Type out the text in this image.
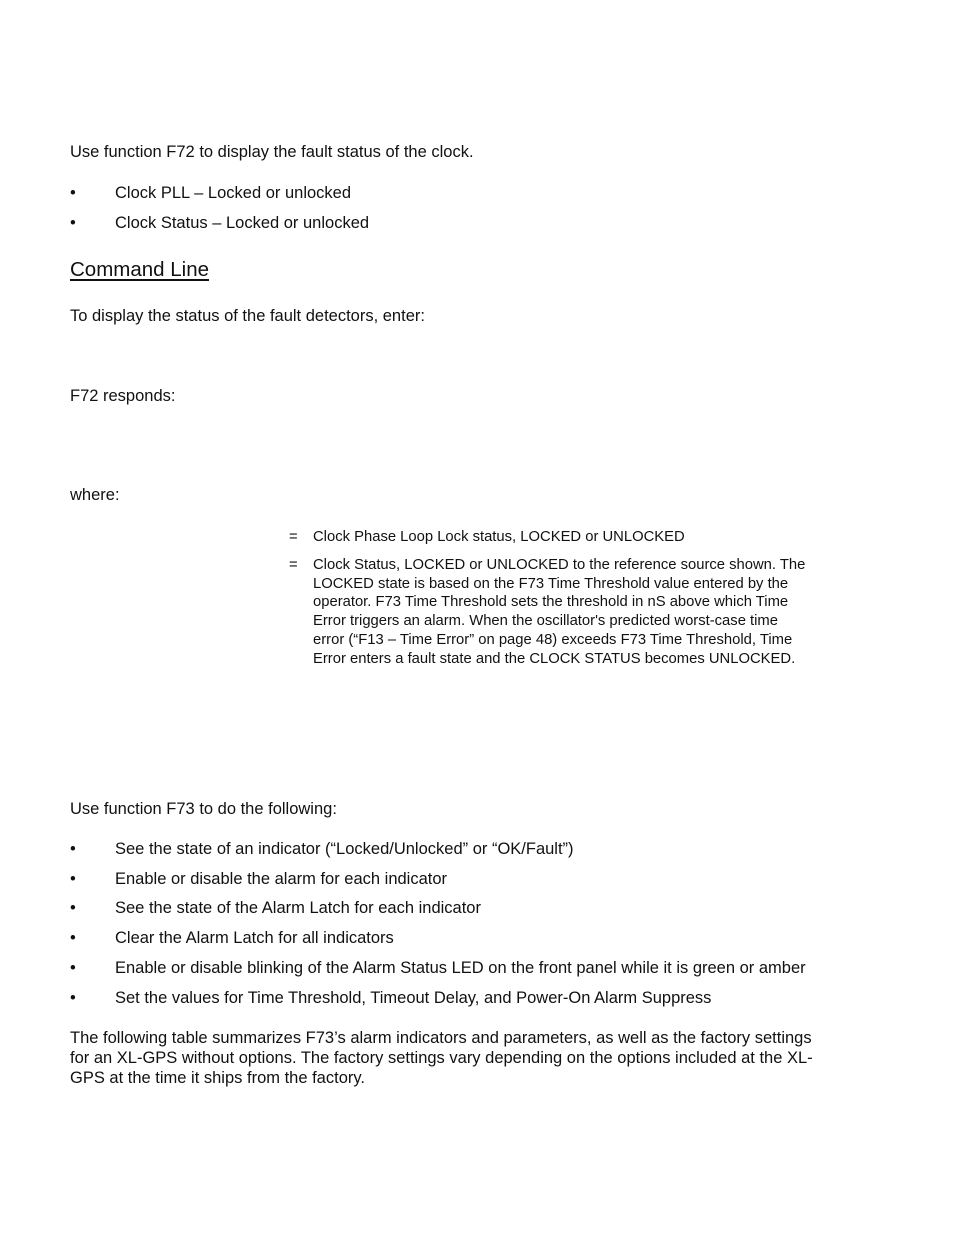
Use function F72 to display the fault status of the clock.

•	Clock PLL – Locked or unlocked
•	Clock Status – Locked or unlocked
Command Line

To display the status of the fault detectors, enter:

F72 responds:

where:

= Clock Phase Loop Lock status, LOCKED or UNLOCKED
= Clock Status, LOCKED or UNLOCKED to the reference source shown. The LOCKED state is based on the F73 Time Threshold value entered by the operator. F73 Time Threshold sets the threshold in nS above which Time Error triggers an alarm. When the oscillator's predicted worst-case time error (“F13 – Time Error” on page 48) exceeds F73 Time Threshold, Time Error enters a fault state and the CLOCK STATUS becomes UNLOCKED.

Use function F73 to do the following:

•	See the state of an indicator (“Locked/Unlocked” or “OK/Fault”)
•	Enable or disable the alarm for each indicator
•	See the state of the Alarm Latch for each indicator
•	Clear the Alarm Latch for all indicators
•	Enable or disable blinking of the Alarm Status LED on the front panel while it is green or amber
•	Set the values for Time Threshold, Timeout Delay, and Power-On Alarm Suppress
The following table summarizes F73’s alarm indicators and parameters, as well as the factory settings
for an XL-GPS without options. The factory settings vary depending on the options included at the XL-
GPS at the time it ships from the factory.
